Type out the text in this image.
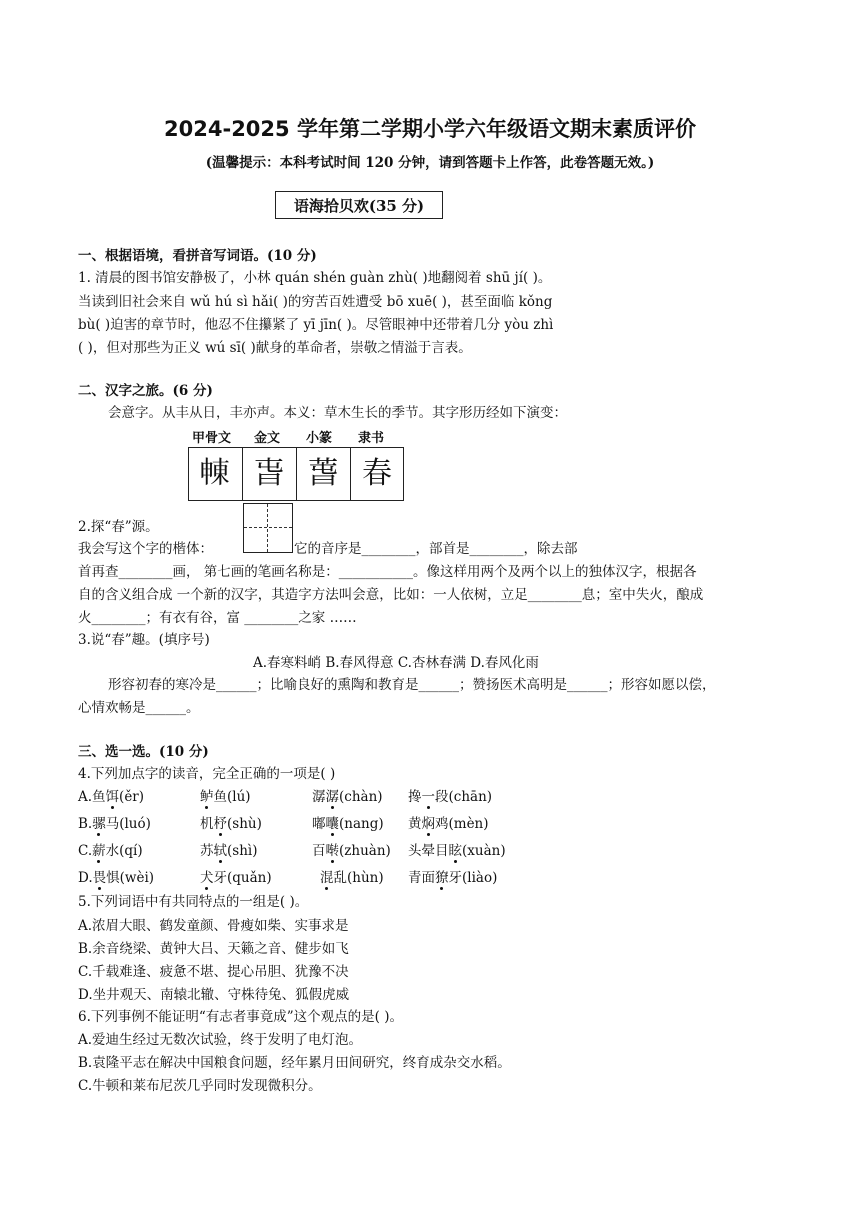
2024-2025 学年第二学期小学六年级语文期末素质评价
(温馨提示：本科考试时间 120 分钟，请到答题卡上作答，此卷答题无效。)
语海拾贝欢(35 分)
一、根据语境，看拼音写词语。(10 分)
1. 清晨的图书馆安静极了，小林 quán shén guàn zhù( )地翻阅着 shū jí( )。
当读到旧社会来自 wǔ hú sì hǎi( )的穷苦百姓遭受 bō xuē( )，甚至面临 kǒng
bù( )迫害的章节时，他忍不住攥紧了 yī jīn( )。尽管眼神中还带着几分 yòu zhì
( )，但对那些为正义 wú sī( )献身的革命者，崇敬之情溢于言表。
二、汉字之旅。(6 分)
会意字。从丰从日，丰亦声。本义：草木生长的季节。其字形历经如下演变：
2.探“春”源。
我会写这个字的楷体：	它的音序是________，部首是________，除去部
首再查________画， 第七画的笔画名称是：___________。像这样用两个及两个以上的独体汉字，根据各
自的含义组合成 一个新的汉字，其造字方法叫会意，比如：一人依树，立足________息；室中失火，酿成
火________；有衣有谷，富 ________之家 ……
3.说“春”趣。(填序号)
A.春寒料峭 B.春风得意 C.杏林春满 D.春风化雨
形容初春的寒冷是______；比喻良好的熏陶和教育是______；赞扬医术高明是______；形容如愿以偿，
心情欢畅是______。
三、选一选。(10 分)
4.下列加点字的读音，完全正确的一项是( )
5.下列词语中有共同特点的一组是( )。
A.浓眉大眼、鹤发童颜、骨瘦如柴、实事求是
B.余音绕梁、黄钟大吕、天籁之音、健步如飞
C.千载难逢、疲惫不堪、提心吊胆、犹豫不决
D.坐井观天、南辕北辙、守株待兔、狐假虎威
6.下列事例不能证明“有志者事竟成”这个观点的是( )。
A.爱迪生经过无数次试验，终于发明了电灯泡。
B.袁隆平志在解决中国粮食问题，经年累月田间研究，终育成杂交水稻。
C.牛顿和莱布尼茨几乎同时发现微积分。
甲骨文 金文 小篆 隶书
𣌾 旾 萅 春
A.鱼饵(ěr)	鲈鱼(lú)	潺潺(chàn) 搀一段(chān)
B.骡马(luó)	机杼(shù)	嘟囔(nang) 黄焖鸡(mèn)
C.薪水(qí)	苏轼(shì)	百啭(zhuàn) 头晕目眩(xuàn)
D.畏惧(wèi)	犬牙(quǎn)	混乱(hùn) 青面獠牙(liào)
